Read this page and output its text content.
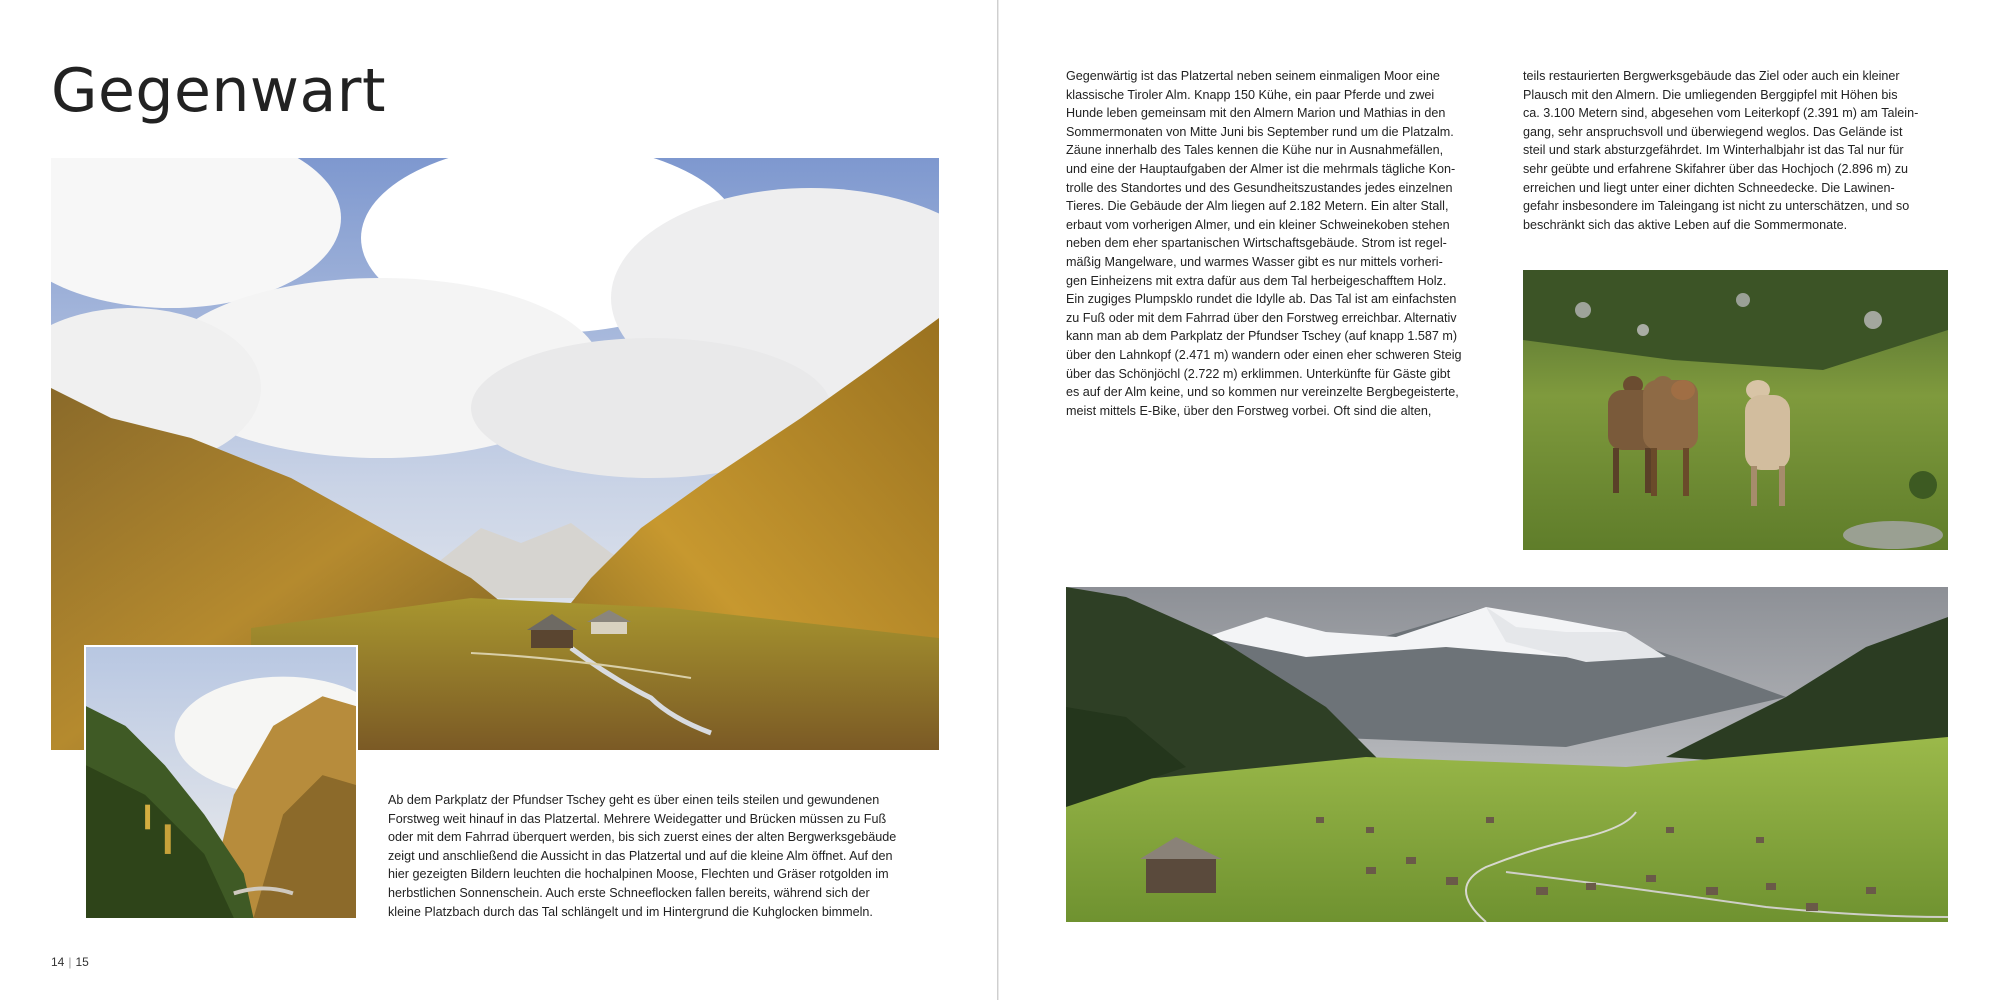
Gegenwart

Ab dem Parkplatz der Pfundser Tschey geht es über einen teils steilen und gewundenen
Forstweg weit hinauf in das Platzertal. Mehrere Weidegatter und Brücken müssen zu Fuß
oder mit dem Fahrrad überquert werden, bis sich zuerst eines der alten Bergwerksgebäude
zeigt und anschließend die Aussicht in das Platzertal und auf die kleine Alm öffnet. Auf den
hier gezeigten Bildern leuchten die hochalpinen Moose, Flechten und Gräser rotgolden im
herbstlichen Sonnenschein. Auch erste Schneeflocken fallen bereits, während sich der
kleine Platzbach durch das Tal schlängelt und im Hintergrund die Kuhglocken bimmeln.

14 | 15

Gegenwärtig ist das Platzertal neben seinem einmaligen Moor eine
klassische Tiroler Alm. Knapp 150 Kühe, ein paar Pferde und zwei
Hunde leben gemeinsam mit den Almern Marion und Mathias in den
Sommermonaten von Mitte Juni bis September rund um die Platzalm.
Zäune innerhalb des Tales kennen die Kühe nur in Ausnahmefällen,
und eine der Hauptaufgaben der Almer ist die mehrmals tägliche Kon-
trolle des Standortes und des Gesundheitszustandes jedes einzelnen
Tieres. Die Gebäude der Alm liegen auf 2.182 Metern. Ein alter Stall,
erbaut vom vorherigen Almer, und ein kleiner Schweinekoben stehen
neben dem eher spartanischen Wirtschaftsgebäude. Strom ist regel-
mäßig Mangelware, und warmes Wasser gibt es nur mittels vorheri-
gen Einheizens mit extra dafür aus dem Tal herbeigeschafftem Holz.
Ein zugiges Plumpsklo rundet die Idylle ab. Das Tal ist am einfachsten
zu Fuß oder mit dem Fahrrad über den Forstweg erreichbar. Alternativ
kann man ab dem Parkplatz der Pfundser Tschey (auf knapp 1.587 m)
über den Lahnkopf (2.471 m) wandern oder einen eher schweren Steig
über das Schönjöchl (2.722 m) erklimmen. Unterkünfte für Gäste gibt
es auf der Alm keine, und so kommen nur vereinzelte Bergbegeisterte,
meist mittels E-Bike, über den Forstweg vorbei. Oft sind die alten,

teils restaurierten Bergwerksgebäude das Ziel oder auch ein kleiner
Plausch mit den Almern. Die umliegenden Berggipfel mit Höhen bis
ca. 3.100 Metern sind, abgesehen vom Leiterkopf (2.391 m) am Talein-
gang, sehr anspruchsvoll und überwiegend weglos. Das Gelände ist
steil und stark absturzgefährdet. Im Winterhalbjahr ist das Tal nur für
sehr geübte und erfahrene Skifahrer über das Hochjoch (2.896 m) zu
erreichen und liegt unter einer dichten Schneedecke. Die Lawinen-
gefahr insbesondere im Taleingang ist nicht zu unterschätzen, und so
beschränkt sich das aktive Leben auf die Sommermonate.
